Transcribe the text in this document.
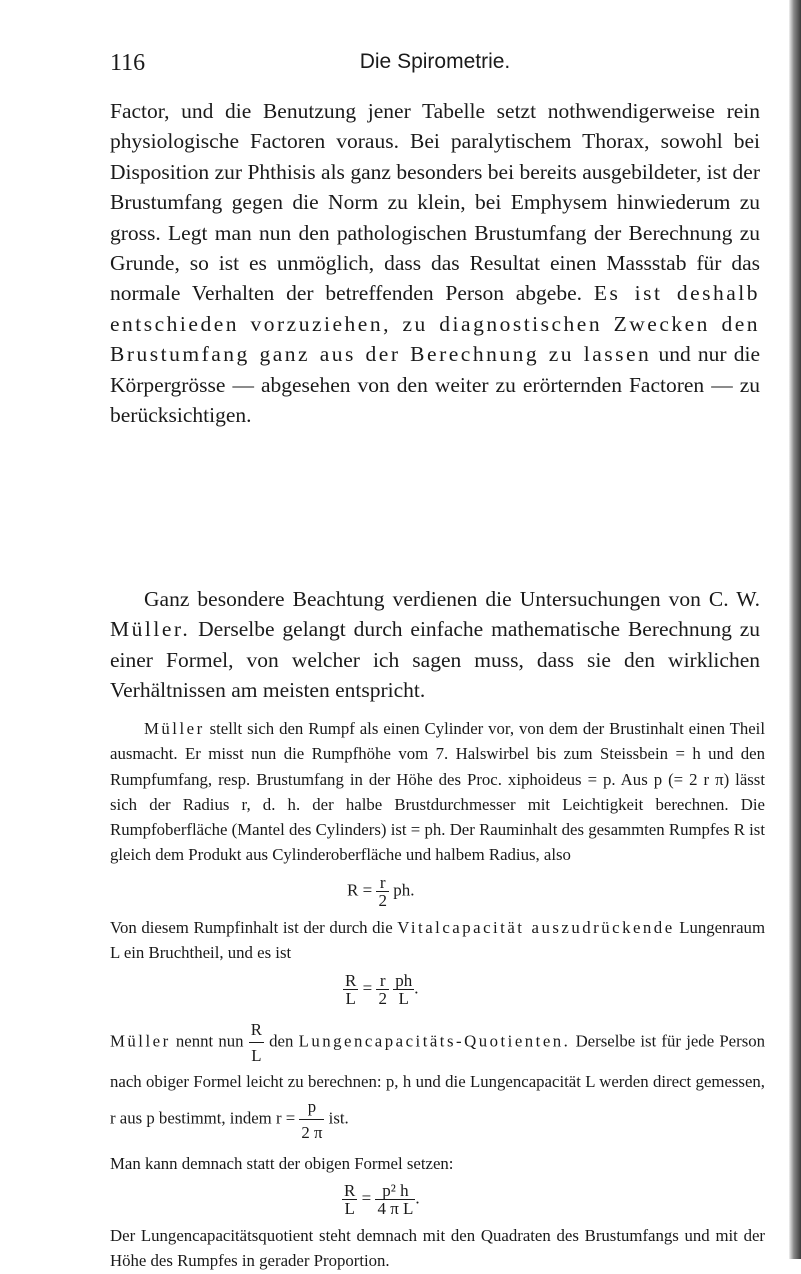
116	Die Spirometrie.

Factor, und die Benutzung jener Tabelle setzt nothwendigerweise rein physiologische Factoren voraus. Bei paralytischem Thorax, sowohl bei Disposition zur Phthisis als ganz besonders bei bereits ausgebildeter, ist der Brustumfang gegen die Norm zu klein, bei Emphysem hinwiederum zu gross. Legt man nun den pathologischen Brustumfang der Berechnung zu Grunde, so ist es unmöglich, dass das Resultat einen Massstab für das normale Verhalten der betreffenden Person abgebe. Es ist deshalb entschieden vorzuziehen, zu diagnostischen Zwecken den Brustumfang ganz aus der Berechnung zu lassen und nur die Körpergrösse — abgesehen von den weiter zu erörternden Factoren — zu berücksichtigen.

Ganz besondere Beachtung verdienen die Untersuchungen von C. W. Müller. Derselbe gelangt durch einfache mathematische Berechnung zu einer Formel, von welcher ich sagen muss, dass sie den wirklichen Verhältnissen am meisten entspricht.

Müller stellt sich den Rumpf als einen Cylinder vor, von dem der Brustinhalt einen Theil ausmacht. Er misst nun die Rumpfhöhe vom 7. Halswirbel bis zum Steissbein = h und den Rumpfumfang, resp. Brustumfang in der Höhe des Proc. xiphoideus = p. Aus p (= 2 r π) lässt sich der Radius r, d. h. der halbe Brustdurchmesser mit Leichtigkeit berechnen. Die Rumpfoberfläche (Mantel des Cylinders) ist = ph. Der Rauminhalt des gesammten Rumpfes R ist gleich dem Produkt aus Cylinderoberfläche und halbem Radius, also

$R = \frac{r}{2}$ ph.

Von diesem Rumpfinhalt ist der durch die Vitalcapacität auszudrückende Lungenraum L ein Bruchtheil, und es ist

$\frac{R}{L} = \frac{r}{2}$
$\frac{ph}{L}$ .

Müller nennt nun $\frac{R}{L}$ den Lungencapacitäts-Quotienten. Derselbe ist für jede Person nach obiger Formel leicht zu berechnen: p, h und die Lungencapacität L werden direct gemessen, r aus p bestimmt, indem $r = \frac{p}{2 \pi}$ ist.

Man kann demnach statt der obigen Formel setzen:

$\frac{R}{L} = \frac{\text{p² h}}{\text{4 π L}}$ .

Der Lungencapacitätsquotient steht demnach mit den Quadraten des Brustumfangs und mit der Höhe des Rumpfes in gerader Proportion.
